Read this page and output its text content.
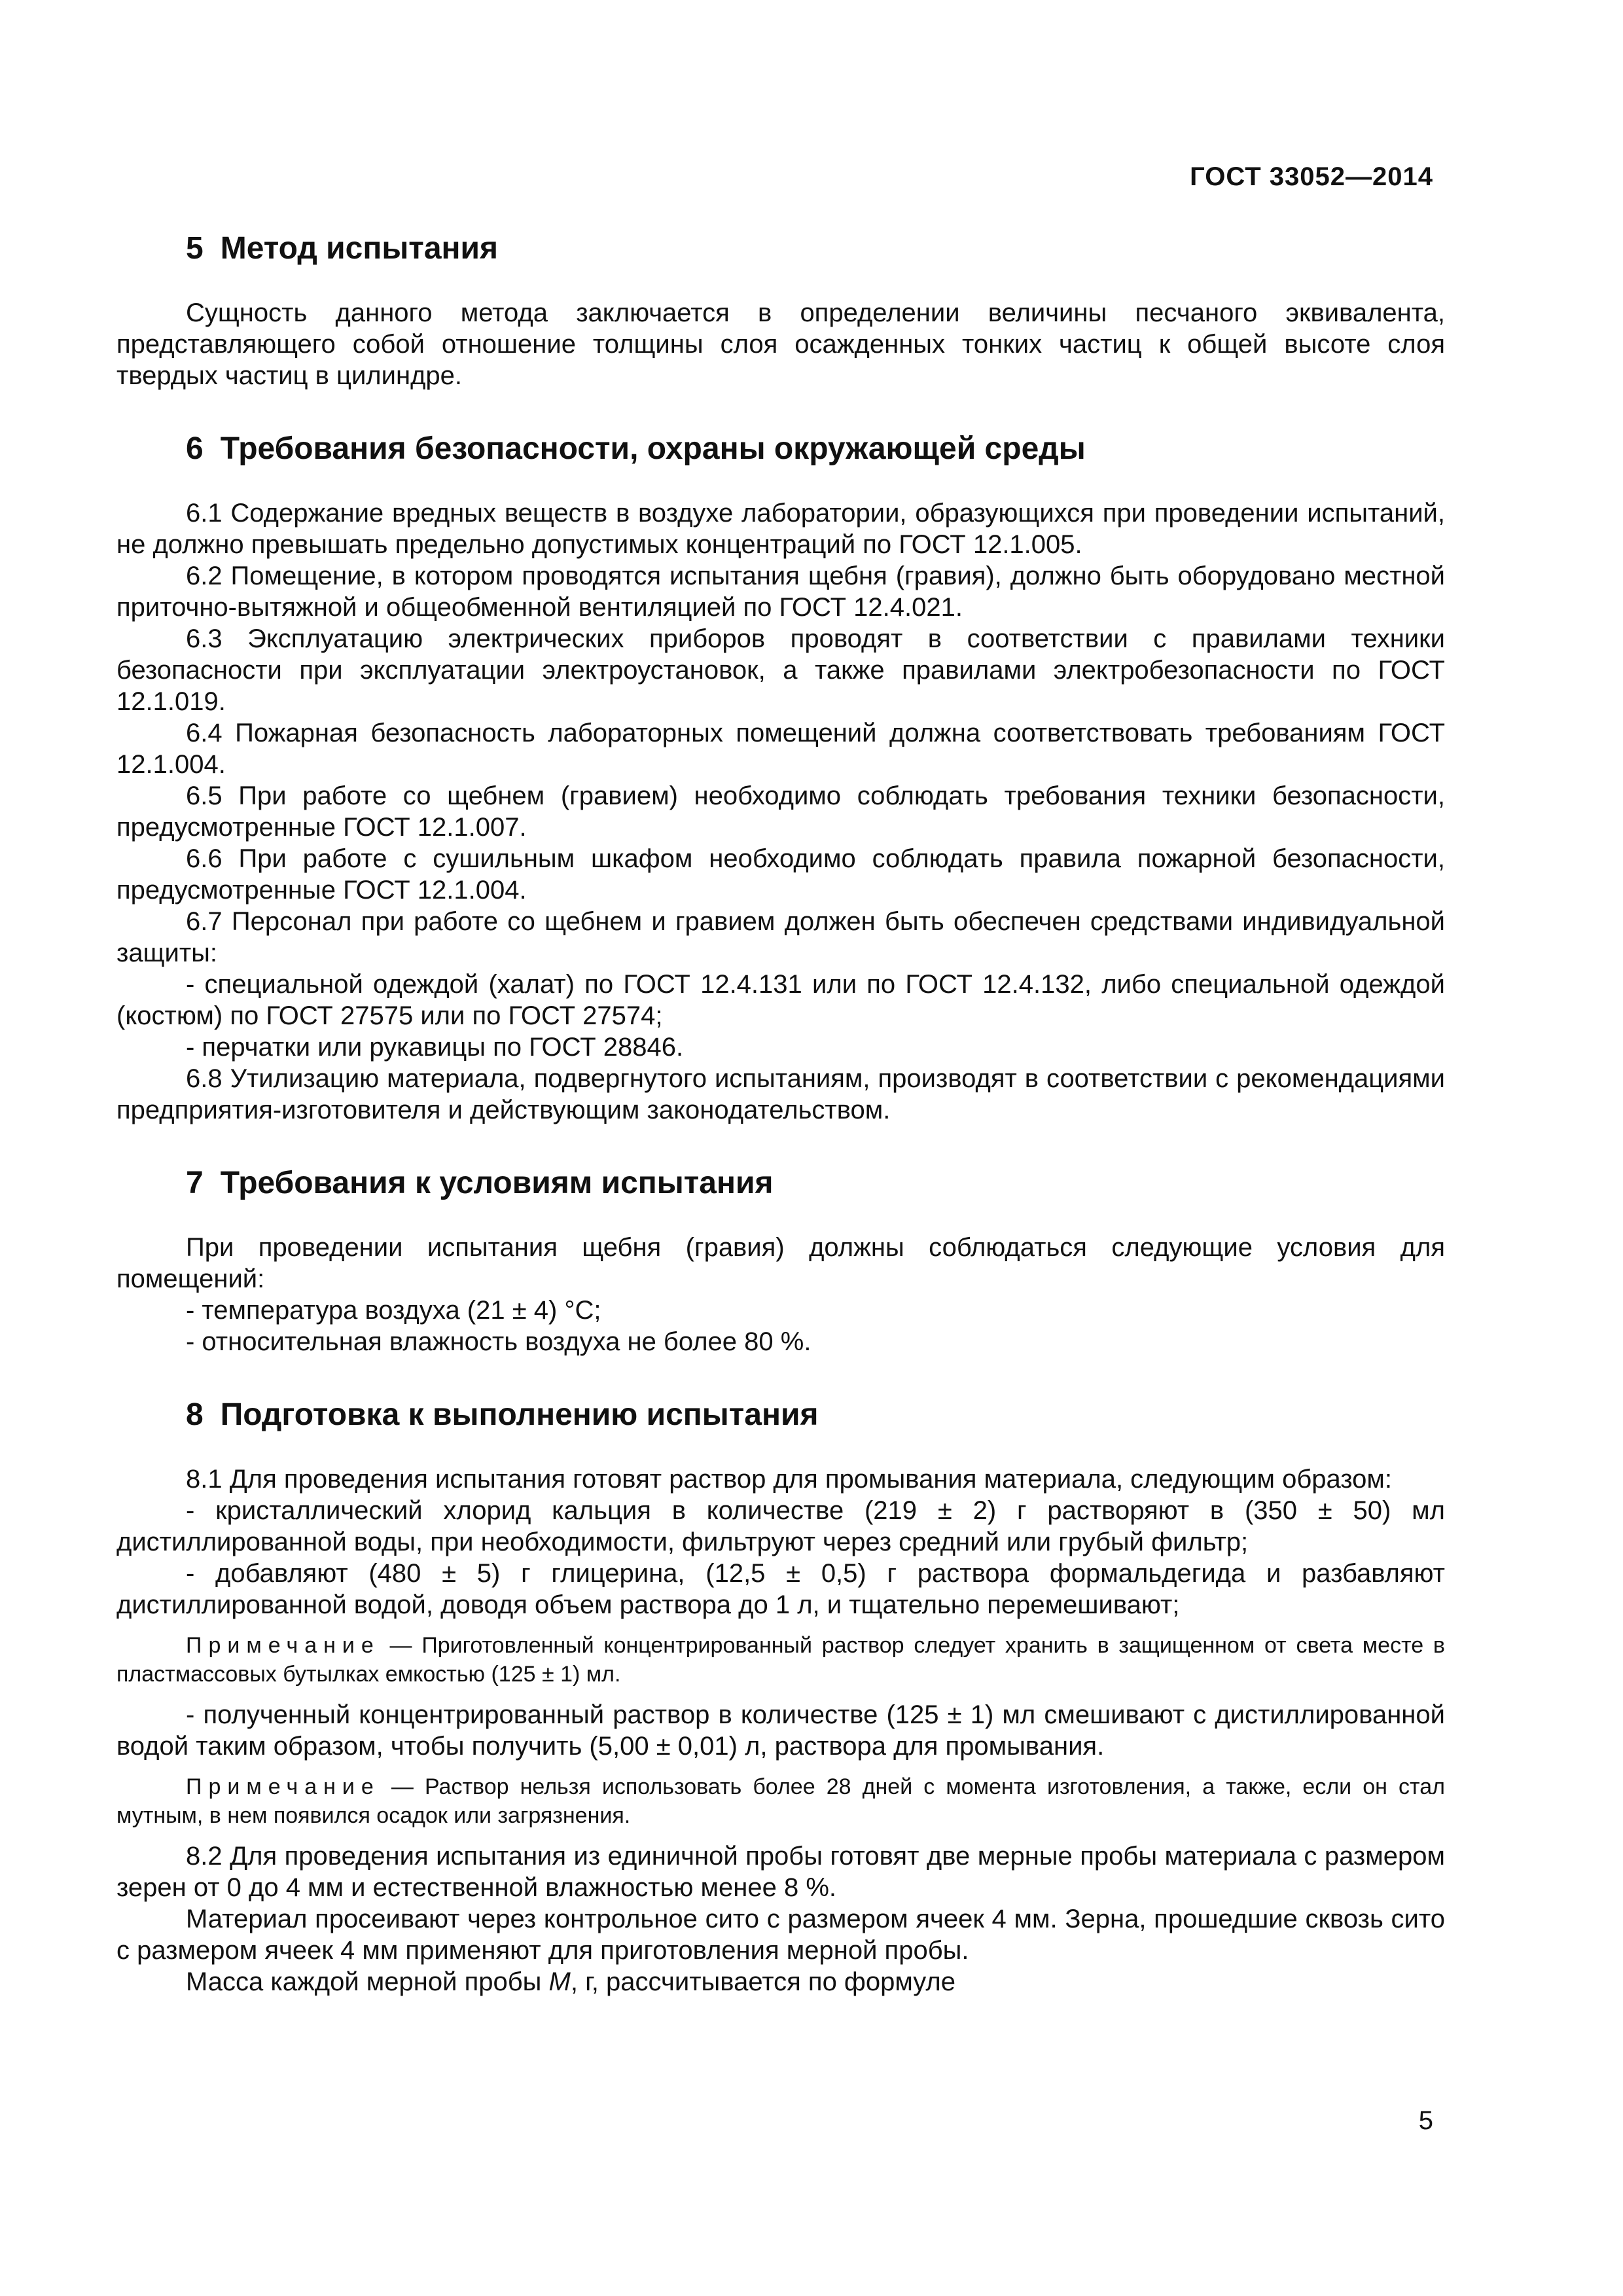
ГОСТ 33052—2014
5 Метод испытания

Сущность данного метода заключается в определении величины песчаного эквивалента, представляющего собой отношение толщины слоя осажденных тонких частиц к общей высоте слоя твердых частиц в цилиндре.

6 Требования безопасности, охраны окружающей среды

6.1 Содержание вредных веществ в воздухе лаборатории, образующихся при проведении испытаний, не должно превышать предельно допустимых концентраций по ГОСТ 12.1.005.

6.2 Помещение, в котором проводятся испытания щебня (гравия), должно быть оборудовано местной приточно-вытяжной и общеобменной вентиляцией по ГОСТ 12.4.021.

6.3 Эксплуатацию электрических приборов проводят в соответствии с правилами техники безопасности при эксплуатации электроустановок, а также правилами электробезопасности по ГОСТ 12.1.019.

6.4 Пожарная безопасность лабораторных помещений должна соответствовать требованиям ГОСТ 12.1.004.

6.5 При работе со щебнем (гравием) необходимо соблюдать требования техники безопасности, предусмотренные ГОСТ 12.1.007.

6.6 При работе с сушильным шкафом необходимо соблюдать правила пожарной безопасности, предусмотренные ГОСТ 12.1.004.

6.7 Персонал при работе со щебнем и гравием должен быть обеспечен средствами индивидуальной защиты:

- специальной одеждой (халат) по ГОСТ 12.4.131 или по ГОСТ 12.4.132, либо специальной одеждой (костюм) по ГОСТ 27575 или по ГОСТ 27574;

- перчатки или рукавицы по ГОСТ 28846.

6.8 Утилизацию материала, подвергнутого испытаниям, производят в соответствии с рекомендациями предприятия-изготовителя и действующим законодательством.

7 Требования к условиям испытания

При проведении испытания щебня (гравия) должны соблюдаться следующие условия для помещений:

- температура воздуха (21 ± 4) °С;

- относительная влажность воздуха не более 80 %.

8 Подготовка к выполнению испытания

8.1 Для проведения испытания готовят раствор для промывания материала, следующим образом:

- кристаллический хлорид кальция в количестве (219 ± 2) г растворяют в (350 ± 50) мл дистиллированной воды, при необходимости, фильтруют через средний или грубый фильтр;

- добавляют (480 ± 5) г глицерина, (12,5 ± 0,5) г раствора формальдегида и разбавляют дистиллированной водой, доводя объем раствора до 1 л, и тщательно перемешивают;

Примечание — Приготовленный концентрированный раствор следует хранить в защищенном от света месте в пластмассовых бутылках емкостью (125 ± 1) мл.

- полученный концентрированный раствор в количестве (125 ± 1) мл смешивают с дистиллированной водой таким образом, чтобы получить (5,00 ± 0,01) л, раствора для промывания.

Примечание — Раствор нельзя использовать более 28 дней с момента изготовления, а также, если он стал мутным, в нем появился осадок или загрязнения.

8.2 Для проведения испытания из единичной пробы готовят две мерные пробы материала с размером зерен от 0 до 4 мм и естественной влажностью менее 8 %.

Материал просеивают через контрольное сито с размером ячеек 4 мм. Зерна, прошедшие сквозь сито с размером ячеек 4 мм применяют для приготовления мерной пробы.

Масса каждой мерной пробы М, г, рассчитывается по формуле

5
